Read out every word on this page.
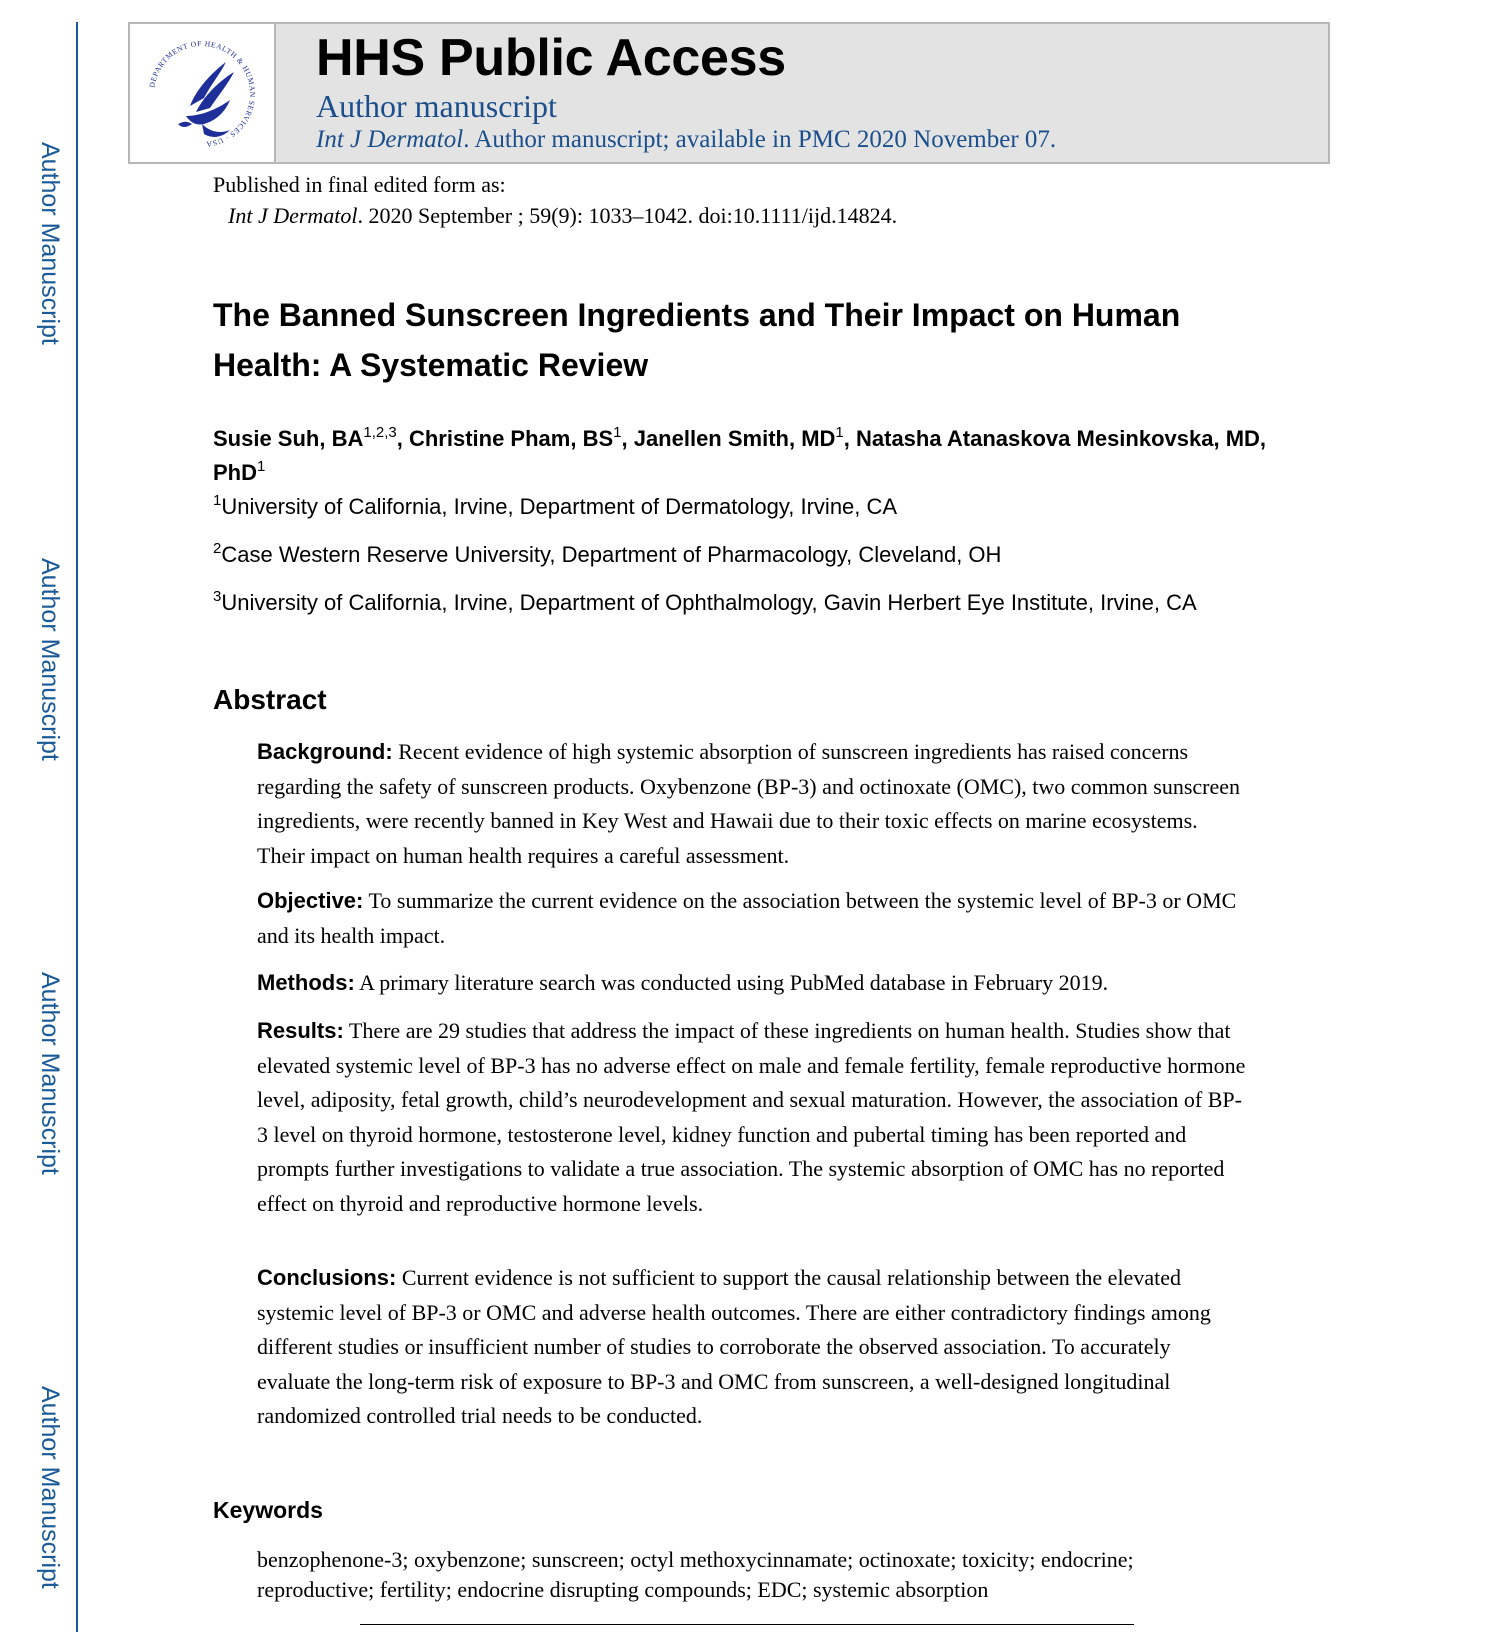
Author Manuscript
Author Manuscript
Author Manuscript
Author Manuscript
DEPARTMENT OF HEALTH & HUMAN SERVICES · USA
HHS Public Access
Author manuscript
Int J Dermatol. Author manuscript; available in PMC 2020 November 07.
Published in final edited form as:
Int J Dermatol. 2020 September ; 59(9): 1033–1042. doi:10.1111/ijd.14824.
The Banned Sunscreen Ingredients and Their Impact on Human Health: A Systematic Review
Susie Suh, BA$^{1,2,3}$, Christine Pham, $BS^1$, Janellen Smith, $MD^1$, Natasha Atanaskova Mesinkovska, MD, PhD$^1$
$^1$University of California, Irvine, Department of Dermatology, Irvine, CA
$^2$Case Western Reserve University, Department of Pharmacology, Cleveland, OH
$^3$University of California, Irvine, Department of Ophthalmology, Gavin Herbert Eye Institute, Irvine, CA
Abstract
Background: Recent evidence of high systemic absorption of sunscreen ingredients has raised concerns regarding the safety of sunscreen products. Oxybenzone (BP-3) and octinoxate (OMC), two common sunscreen ingredients, were recently banned in Key West and Hawaii due to their toxic effects on marine ecosystems. Their impact on human health requires a careful assessment.
Objective: To summarize the current evidence on the association between the systemic level of BP-3 or OMC and its health impact.
Methods: A primary literature search was conducted using PubMed database in February 2019.
Results: There are 29 studies that address the impact of these ingredients on human health. Studies show that elevated systemic level of BP-3 has no adverse effect on male and female fertility, female reproductive hormone level, adiposity, fetal growth, child’s neurodevelopment and sexual maturation. However, the association of BP-3 level on thyroid hormone, testosterone level, kidney function and pubertal timing has been reported and prompts further investigations to validate a true association. The systemic absorption of OMC has no reported effect on thyroid and reproductive hormone levels.
Conclusions: Current evidence is not sufficient to support the causal relationship between the elevated systemic level of BP-3 or OMC and adverse health outcomes. There are either contradictory findings among different studies or insufficient number of studies to corroborate the observed association. To accurately evaluate the long-term risk of exposure to BP-3 and OMC from sunscreen, a well-designed longitudinal randomized controlled trial needs to be conducted.
Keywords
benzophenone-3; oxybenzone; sunscreen; octyl methoxycinnamate; octinoxate; toxicity; endocrine; reproductive; fertility; endocrine disrupting compounds; EDC; systemic absorption
